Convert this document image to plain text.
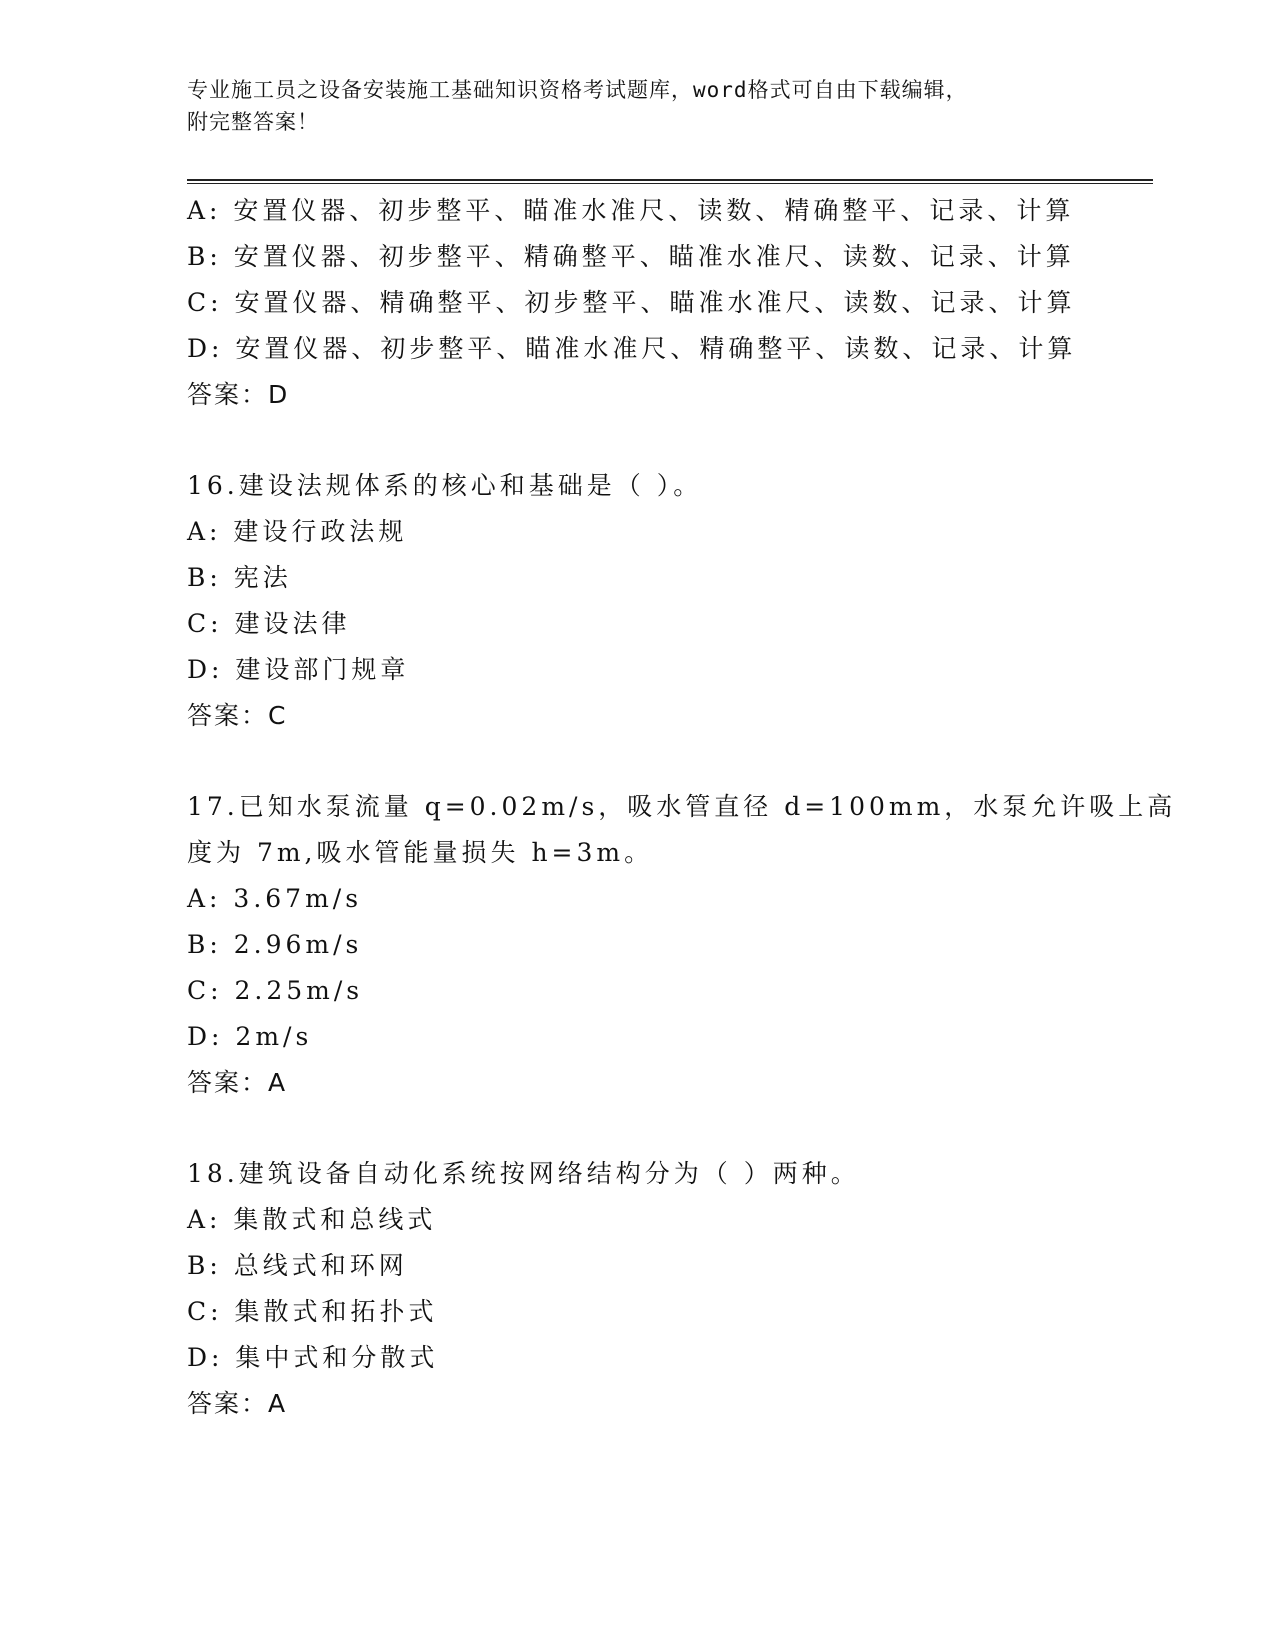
专业施工员之设备安装施工基础知识资格考试题库，word格式可自由下载编辑，
附完整答案！
A: 安置仪器、初步整平、瞄准水准尺、读数、精确整平、记录、计算
B: 安置仪器、初步整平、精确整平、瞄准水准尺、读数、记录、计算
C: 安置仪器、精确整平、初步整平、瞄准水准尺、读数、记录、计算
D: 安置仪器、初步整平、瞄准水准尺、精确整平、读数、记录、计算
答案：D
16.建设法规体系的核心和基础是（ ）。
A: 建设行政法规
B: 宪法
C: 建设法律
D: 建设部门规章
答案：C
17.已知水泵流量 q=0.02m/s，吸水管直径 d=100mm，水泵允许吸上高
度为 7m,吸水管能量损失 h=3m。
A: 3.67m/s
B: 2.96m/s
C: 2.25m/s
D: 2m/s
答案：A
18.建筑设备自动化系统按网络结构分为（ ）两种。
A: 集散式和总线式
B: 总线式和环网
C: 集散式和拓扑式
D: 集中式和分散式
答案：A
